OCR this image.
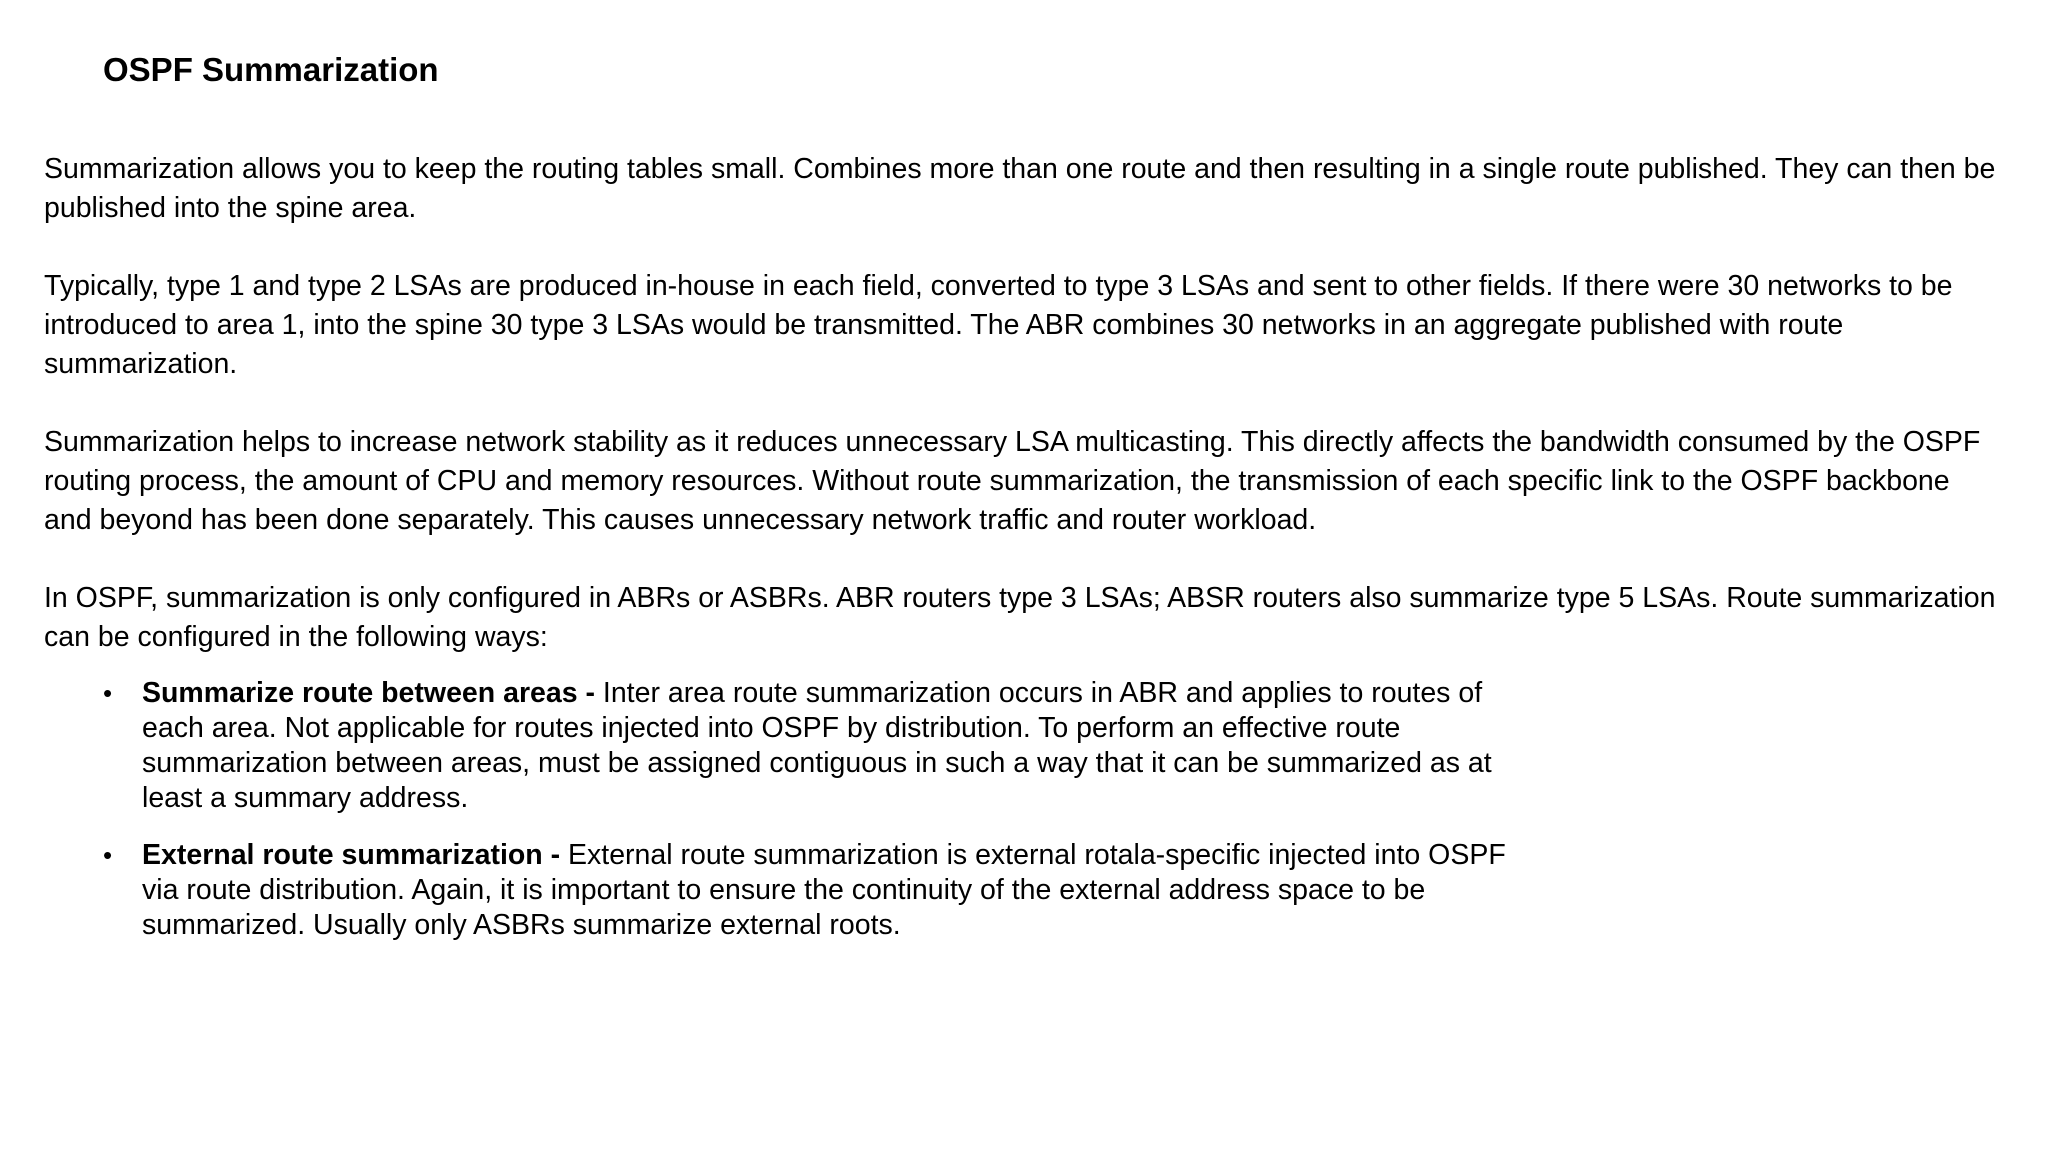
OSPF Summarization

Summarization allows you to keep the routing tables small. Combines more than one route and then resulting in a single route published. They can then be published into the spine area.

Typically, type 1 and type 2 LSAs are produced in-house in each field, converted to type 3 LSAs and sent to other fields. If there were 30 networks to be introduced to area 1, into the spine 30 type 3 LSAs would be transmitted. The ABR combines 30 networks in an aggregate published with route summarization.

Summarization helps to increase network stability as it reduces unnecessary LSA multicasting. This directly affects the bandwidth consumed by the OSPF routing process, the amount of CPU and memory resources. Without route summarization, the transmission of each specific link to the OSPF backbone and beyond has been done separately. This causes unnecessary network traffic and router workload.

In OSPF, summarization is only configured in ABRs or ASBRs. ABR routers type 3 LSAs; ABSR routers also summarize type 5 LSAs. Route summarization can be configured in the following ways:

• Summarize route between areas - Inter area route summarization occurs in ABR and applies to routes of each area. Not applicable for routes injected into OSPF by distribution. To perform an effective route summarization between areas, must be assigned contiguous in such a way that it can be summarized as at least a summary address.
• External route summarization - External route summarization is external rotala-specific injected into OSPF via route distribution. Again, it is important to ensure the continuity of the external address space to be summarized. Usually only ASBRs summarize external roots.
